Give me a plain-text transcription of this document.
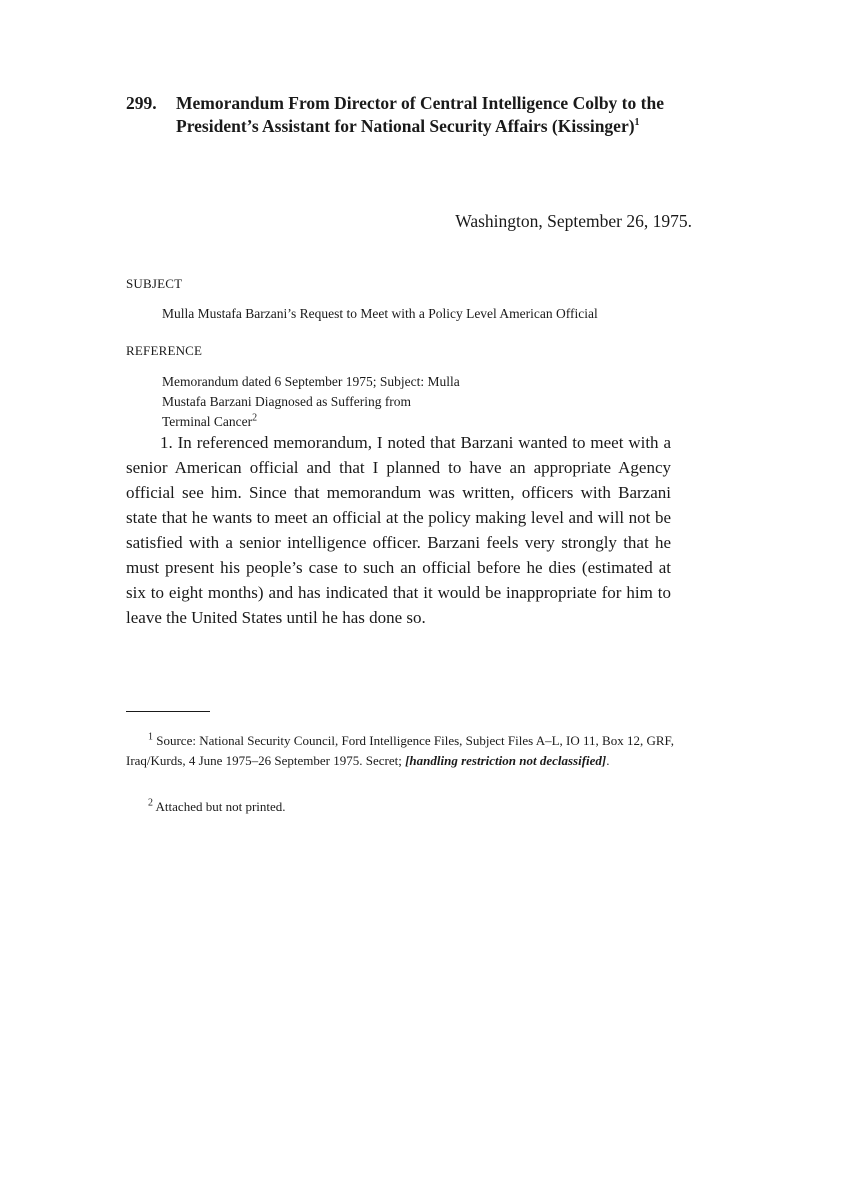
299. Memorandum From Director of Central Intelligence Colby to the President’s Assistant for National Security Affairs (Kissinger)$^1$
Washington, September 26, 1975.
SUBJECT
Mulla Mustafa Barzani’s Request to Meet with a Policy Level American Official
REFERENCE
Memorandum dated 6 September 1975; Subject: Mulla Mustafa Barzani Diagnosed as Suffering from Terminal Cancer$^2$

1. In referenced memorandum, I noted that Barzani wanted to meet with a senior American official and that I planned to have an appropriate Agency official see him. Since that memorandum was written, officers with Barzani state that he wants to meet an official at the policy making level and will not be satisfied with a senior intelligence officer. Barzani feels very strongly that he must present his people’s case to such an official before he dies (estimated at six to eight months) and has indicated that it would be inappropriate for him to leave the United States until he has done so.

$^1$ Source: National Security Council, Ford Intelligence Files, Subject Files A–L, IO 11, Box 12, GRF, Iraq/Kurds, 4 June 1975–26 September 1975. Secret; [handling restriction not declassified].

$^2$ Attached but not printed.
